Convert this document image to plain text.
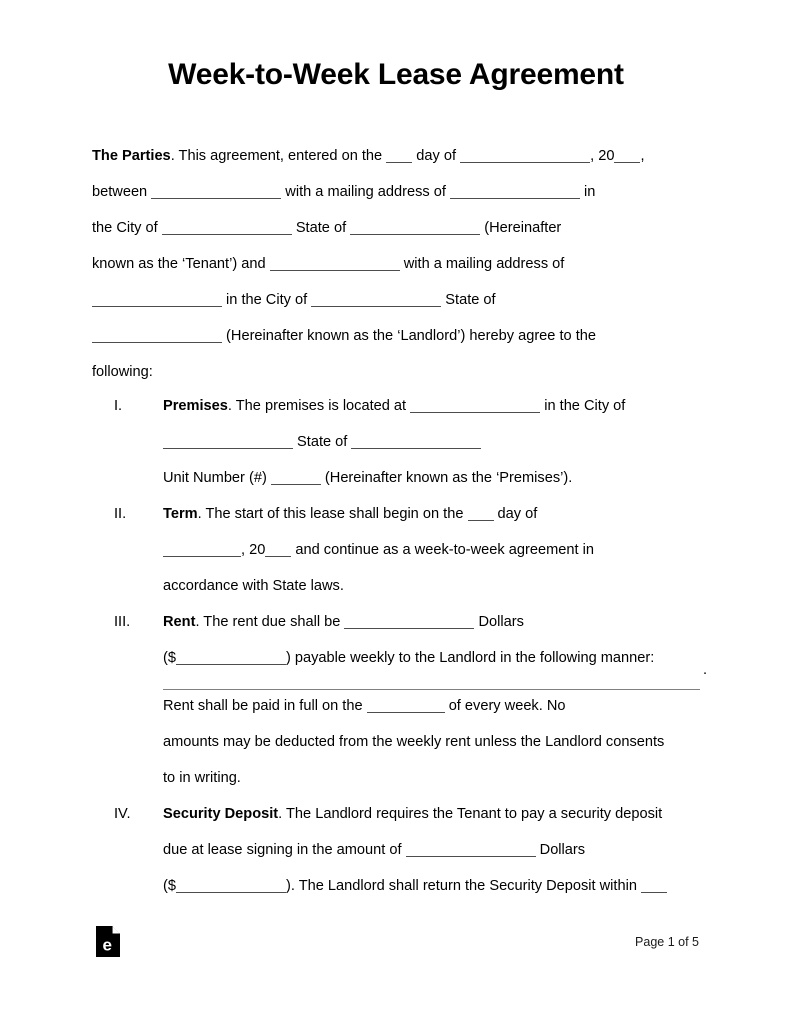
Week-to-Week Lease Agreement
The Parties. This agreement, entered on the  day of	, 20 ,
between	with a mailing address of	in
the City of	State of	(Hereinafter
known as the ‘Tenant’) and	with a mailing address of
in the City of	State of
(Hereinafter known as the ‘Landlord’) hereby agree to the
following:
I.	Premises. The premises is located at	in the City of
State of
Unit Number (#)	(Hereinafter known as the ‘Premises’).
II.	Term. The start of this lease shall begin on the  day of
, 20 and continue as a week-to-week agreement in
accordance with State laws.
III.	Rent. The rent due shall be	Dollars
($	) payable weekly to the Landlord in the following manner:
.
Rent shall be paid in full on the	of every week. No
amounts may be deducted from the weekly rent unless the Landlord consents
to in writing.
IV.	Security Deposit. The Landlord requires the Tenant to pay a security deposit
due at lease signing in the amount of	Dollars
($	). The Landlord shall return the Security Deposit within
e	Page 1 of 5
